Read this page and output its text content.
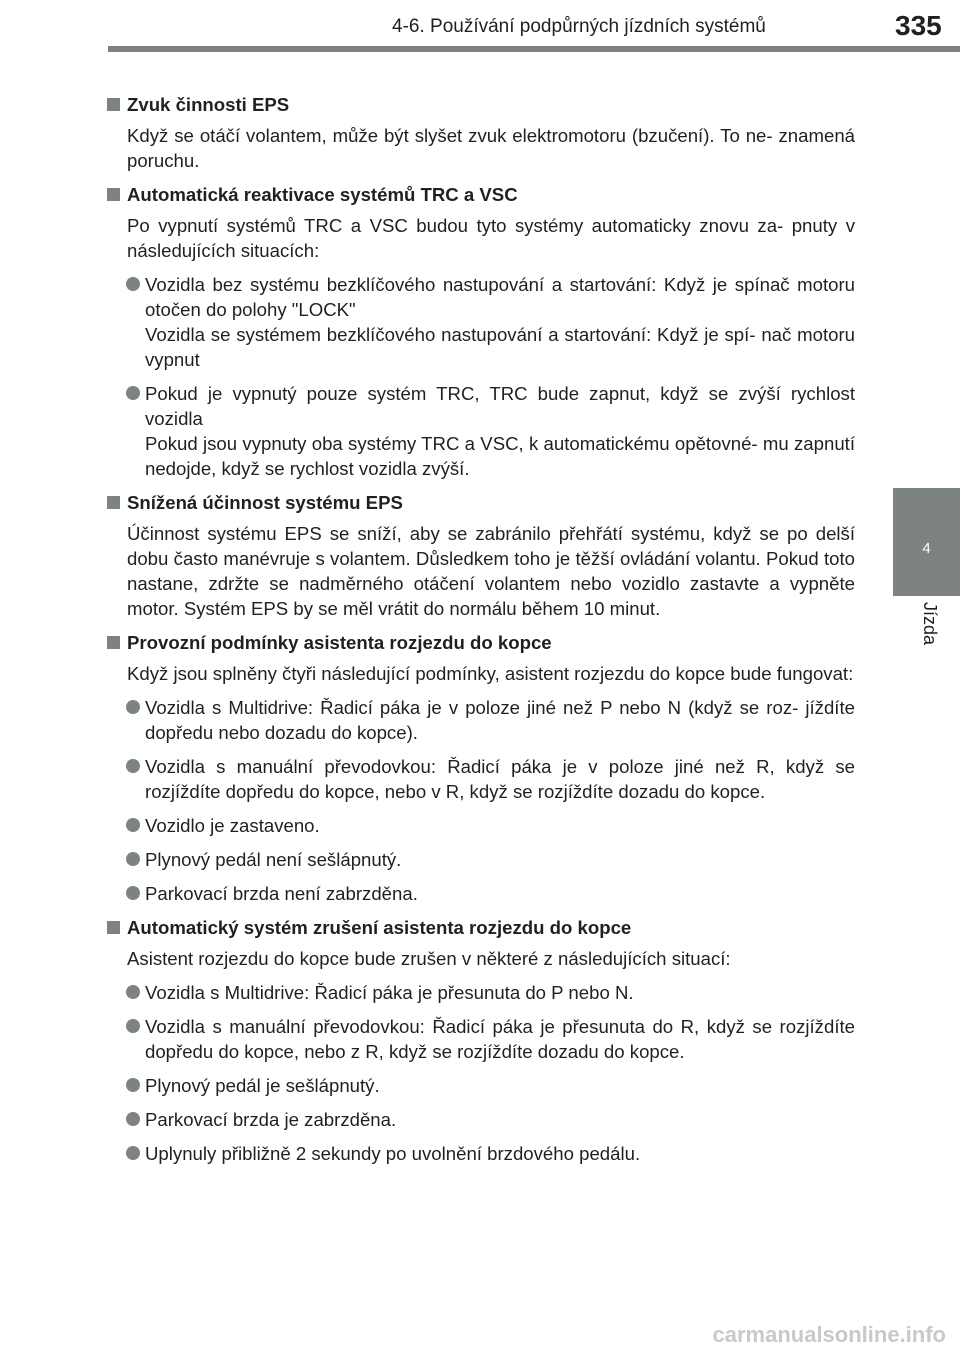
4-6. Používání podpůrných jízdních systémů	335
4
Jízda
Zvuk činnosti EPS
Když se otáčí volantem, může být slyšet zvuk elektromotoru (bzučení). To ne- znamená poruchu.
Automatická reaktivace systémů TRC a VSC
Po vypnutí systémů TRC a VSC budou tyto systémy automaticky znovu za- pnuty v následujících situacích:
Vozidla bez systému bezklíčového nastupování a startování: Když je spínač motoru otočen do polohy "LOCK"
Vozidla se systémem bezklíčového nastupování a startování: Když je spí- nač motoru vypnut
Pokud je vypnutý pouze systém TRC, TRC bude zapnut, když se zvýší rychlost vozidla
Pokud jsou vypnuty oba systémy TRC a VSC, k automatickému opětovné- mu zapnutí nedojde, když se rychlost vozidla zvýší.
Snížená účinnost systému EPS
Účinnost systému EPS se sníží, aby se zabránilo přehřátí systému, když se po delší dobu často manévruje s volantem. Důsledkem toho je těžší ovládání volantu. Pokud toto nastane, zdržte se nadměrného otáčení volantem nebo vozidlo zastavte a vypněte motor. Systém EPS by se měl vrátit do normálu během 10 minut.
Provozní podmínky asistenta rozjezdu do kopce
Když jsou splněny čtyři následující podmínky, asistent rozjezdu do kopce bude fungovat:
Vozidla s Multidrive: Řadicí páka je v poloze jiné než P nebo N (když se roz- jíždíte dopředu nebo dozadu do kopce).
Vozidla s manuální převodovkou: Řadicí páka je v poloze jiné než R, když se rozjíždíte dopředu do kopce, nebo v R, když se rozjíždíte dozadu do kopce.
Vozidlo je zastaveno.
Plynový pedál není sešlápnutý.
Parkovací brzda není zabrzděna.
Automatický systém zrušení asistenta rozjezdu do kopce
Asistent rozjezdu do kopce bude zrušen v některé z následujících situací:
Vozidla s Multidrive: Řadicí páka je přesunuta do P nebo N.
Vozidla s manuální převodovkou: Řadicí páka je přesunuta do R, když se rozjíždíte dopředu do kopce, nebo z R, když se rozjíždíte dozadu do kopce.
Plynový pedál je sešlápnutý.
Parkovací brzda je zabrzděna.
Uplynuly přibližně 2 sekundy po uvolnění brzdového pedálu.
carmanualsonline.info
